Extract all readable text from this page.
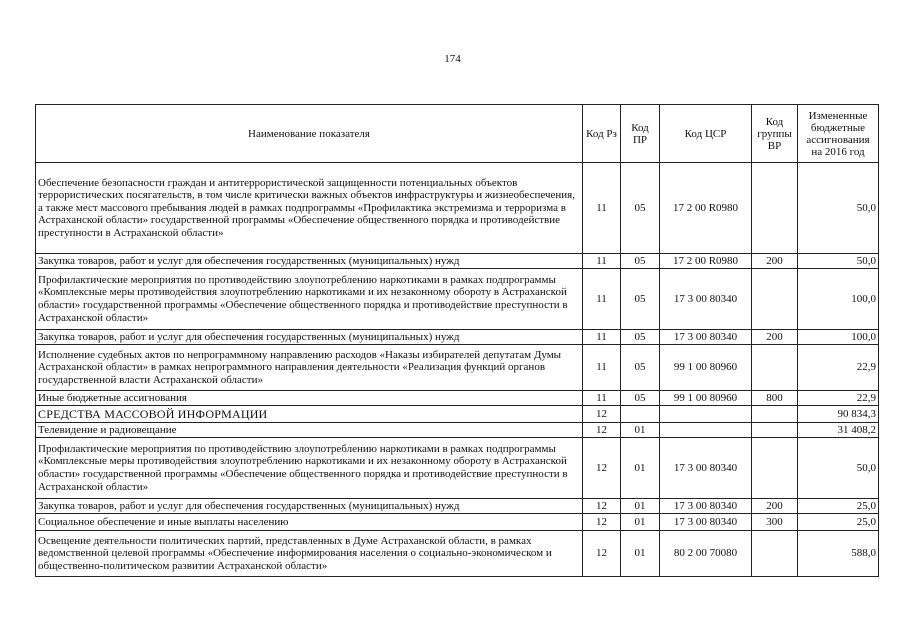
174
Наименование показателя	Код Рз	Код ПР	Код ЦСР	Код группы ВР	Измененные бюджетные ассигнования на 2016 год
Обеспечение безопасности граждан и антитеррористической защищенности потенциальных объектов террористических посягательств, в том числе критически важных объектов инфраструктуры и жизнеобеспечения, а также мест массового пребывания людей в рамках подпрограммы «Профилактика экстремизма и терроризма в Астраханской области» государственной программы «Обеспечение общественного порядка и противодействие преступности в Астраханской области»	11	05	17 2 00 R0980		50,0
Закупка товаров, работ и услуг для обеспечения государственных (муниципальных) нужд	11	05	17 2 00 R0980	200	50,0
Профилактические мероприятия по противодействию злоупотреблению наркотиками в рамках подпрограммы «Комплексные меры противодействия злоупотреблению наркотиками и их незаконному обороту в Астраханской области» государственной программы «Обеспечение общественного порядка и противодействие преступности в Астраханской области»	11	05	17 3 00 80340		100,0
Закупка товаров, работ и услуг для обеспечения государственных (муниципальных) нужд	11	05	17 3 00 80340	200	100,0
Исполнение судебных актов по непрограммному направлению расходов «Наказы избирателей депутатам Думы Астраханской области» в рамках непрограммного направления деятельности «Реализация функций органов государственной власти Астраханской области»	11	05	99 1 00 80960		22,9
Иные бюджетные ассигнования	11	05	99 1 00 80960	800	22,9
СРЕДСТВА МАССОВОЙ ИНФОРМАЦИИ	12				90 834,3
Телевидение и радиовещание	12	01			31 408,2
Профилактические мероприятия по противодействию злоупотреблению наркотиками в рамках подпрограммы «Комплексные меры противодействия злоупотреблению наркотиками и их незаконному обороту в Астраханской области» государственной программы «Обеспечение общественного порядка и противодействие преступности в Астраханской области»	12	01	17 3 00 80340		50,0
Закупка товаров, работ и услуг для обеспечения государственных (муниципальных) нужд	12	01	17 3 00 80340	200	25,0
Социальное обеспечение и иные выплаты населению	12	01	17 3 00 80340	300	25,0
Освещение деятельности политических партий, представленных в Думе Астраханской области, в рамках ведомственной целевой программы «Обеспечение информирования населения о социально-экономическом и общественно-политическом развитии Астраханской области»	12	01	80 2 00 70080		588,0
